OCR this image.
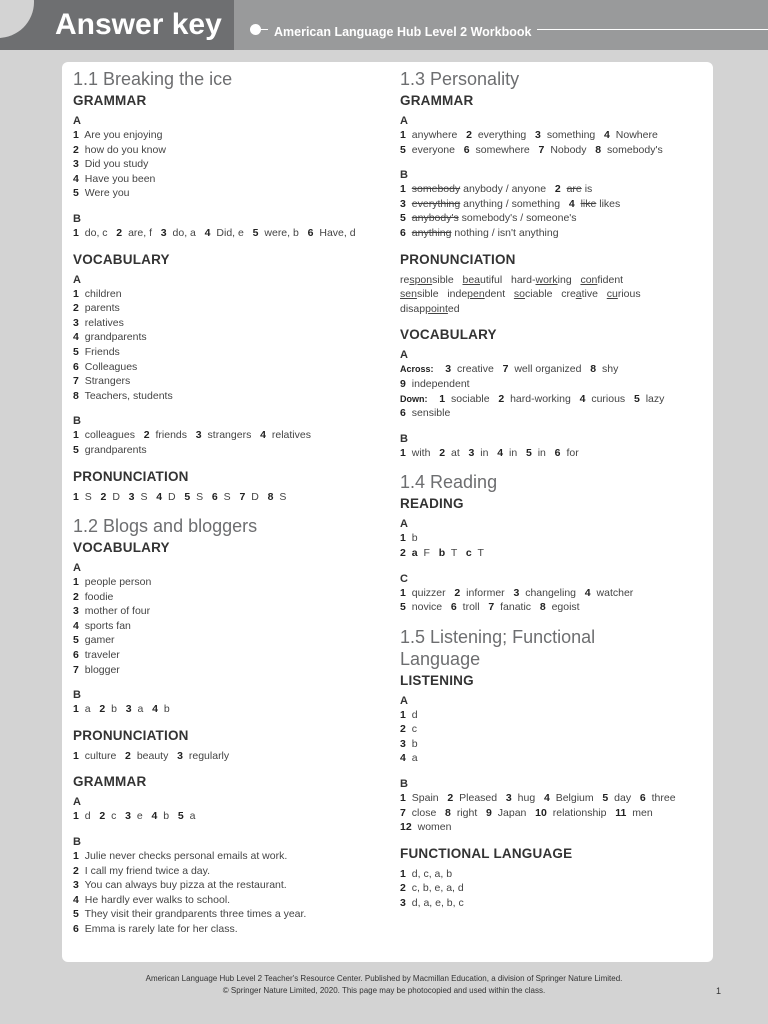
Answer key	American Language Hub Level 2 Workbook
1.1 Breaking the ice
GRAMMAR
A
1 Are you enjoying
2 how do you know
3 Did you study
4 Have you been
5 Were you
B
1 do, c 2 are, f 3 do, a 4 Did, e 5 were, b 6 Have, d
VOCABULARY
A
1 children
2 parents
3 relatives
4 grandparents
5 Friends
6 Colleagues
7 Strangers
8 Teachers, students
B
1 colleagues 2 friends 3 strangers 4 relatives
5 grandparents
PRONUNCIATION
1 S 2 D 3 S 4 D 5 S 6 S 7 D 8 S
1.2 Blogs and bloggers
VOCABULARY
A
1 people person
2 foodie
3 mother of four
4 sports fan
5 gamer
6 traveler
7 blogger
B
1 a 2 b 3 a 4 b
PRONUNCIATION
1 culture 2 beauty 3 regularly
GRAMMAR
A
1 d 2 c 3 e 4 b 5 a
B
1 Julie never checks personal emails at work.
2 I call my friend twice a day.
3 You can always buy pizza at the restaurant.
4 He hardly ever walks to school.
5 They visit their grandparents three times a year.
6 Emma is rarely late for her class.
1.3 Personality
GRAMMAR
A
1 anywhere 2 everything 3 something 4 Nowhere
5 everyone 6 somewhere 7 Nobody 8 somebody's
B
1 somebody anybody / anyone 2 are is
3 everything anything / something 4 like likes
5 anybody's somebody's / someone's
6 anything nothing / isn't anything
PRONUNCIATION
responsible beautiful hard-working confident
sensible independent sociable creative curious
disappointed
VOCABULARY
A
Across: 3 creative 7 well organized 8 shy
9 independent
Down: 1 sociable 2 hard-working 4 curious 5 lazy
6 sensible
B
1 with 2 at 3 in 4 in 5 in 6 for
1.4 Reading
READING
A
1 b
2 a F b T c T
C
1 quizzer 2 informer 3 changeling 4 watcher
5 novice 6 troll 7 fanatic 8 egoist
1.5 Listening; Functional
Language
LISTENING
A
1 d
2 c
3 b
4 a
B
1 Spain 2 Pleased 3 hug 4 Belgium 5 day 6 three
7 close 8 right 9 Japan 10 relationship 11 men
12 women
FUNCTIONAL LANGUAGE
1 d, c, a, b
2 c, b, e, a, d
3 d, a, e, b, c
American Language Hub Level 2 Teacher's Resource Center. Published by Macmillan Education, a division of Springer Nature Limited.
© Springer Nature Limited, 2020. This page may be photocopied and used within the class.	1
